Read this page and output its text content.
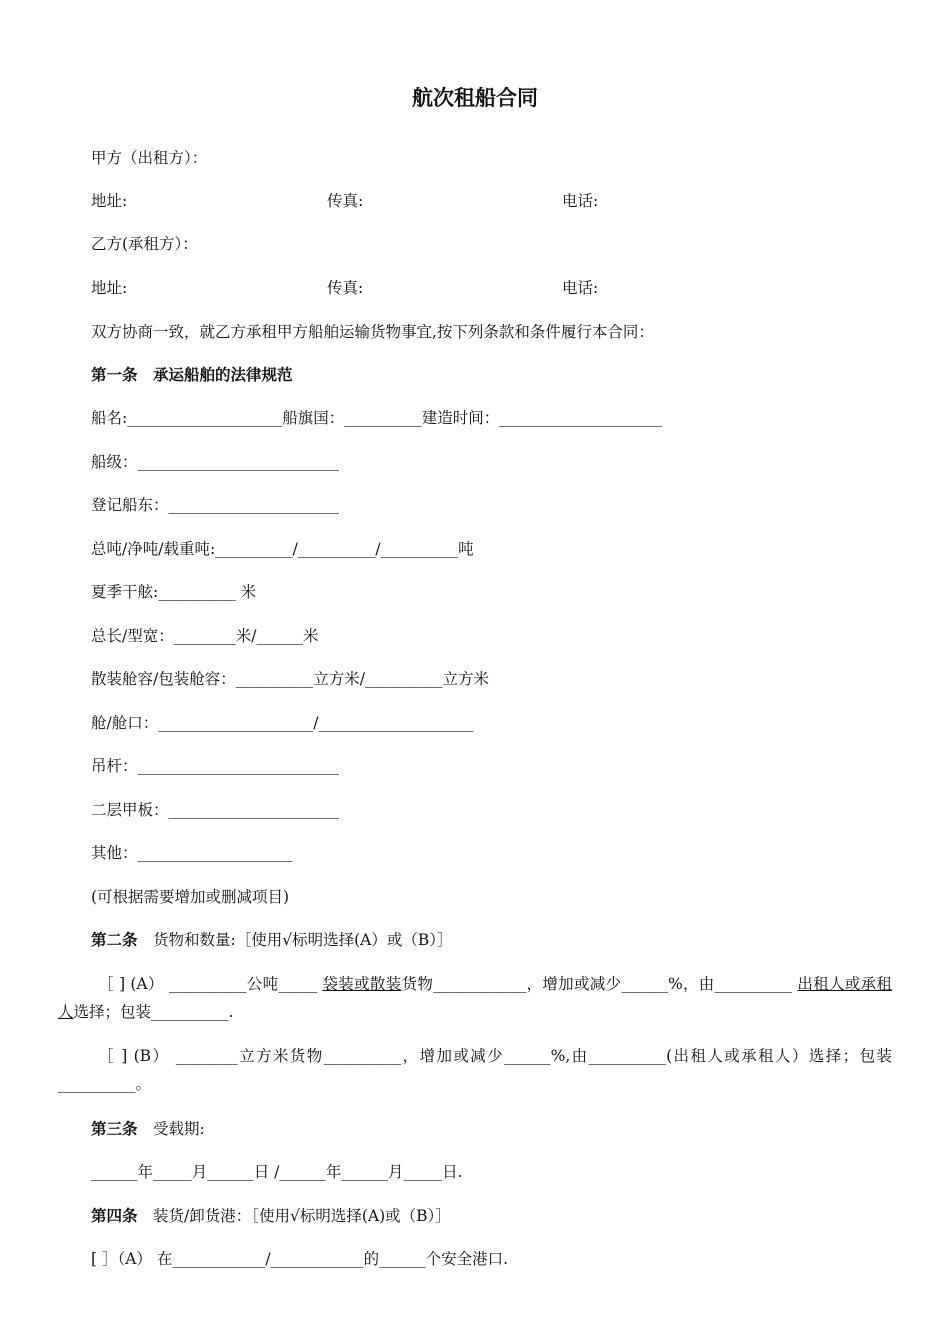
航次租船合同
甲方（出租方）：
地址:	传真:	电话:
乙方(承租方）：
地址:	传真:	电话:
双方协商一致，就乙方承租甲方船舶运输货物事宜,按下列条款和条件履行本合同：
第一条　承运船舶的法律规范
船名:____________________船旗国：__________建造时间：_____________________
船级：__________________________
登记船东：______________________
总吨/净吨/载重吨:__________/__________/__________吨
夏季干舷:__________ 米
总长/型宽：________米/______米
散装舱容/包装舱容：__________立方米/__________立方米
舱/舱口：____________________/____________________
吊杆：__________________________
二层甲板：______________________
其他：____________________
(可根据需要增加或删减项目)
第二条　货物和数量:［使用√标明选择(A）或（B）］
［ ] (A） __________公吨_____ 袋装或散装货物____________，增加或减少______%，由__________ 出租人或承租人选择；包装__________.
［ ] (B） ________立方米货物__________，增加或减少______%,由__________(出租人或承租人）选择；包装__________。
第三条　受载期:
______年_____月______日 /______年______月_____日.
第四条　装货/卸货港：［使用√标明选择(A)或（B）］
[ ］（A） 在____________/____________的______个安全港口.
